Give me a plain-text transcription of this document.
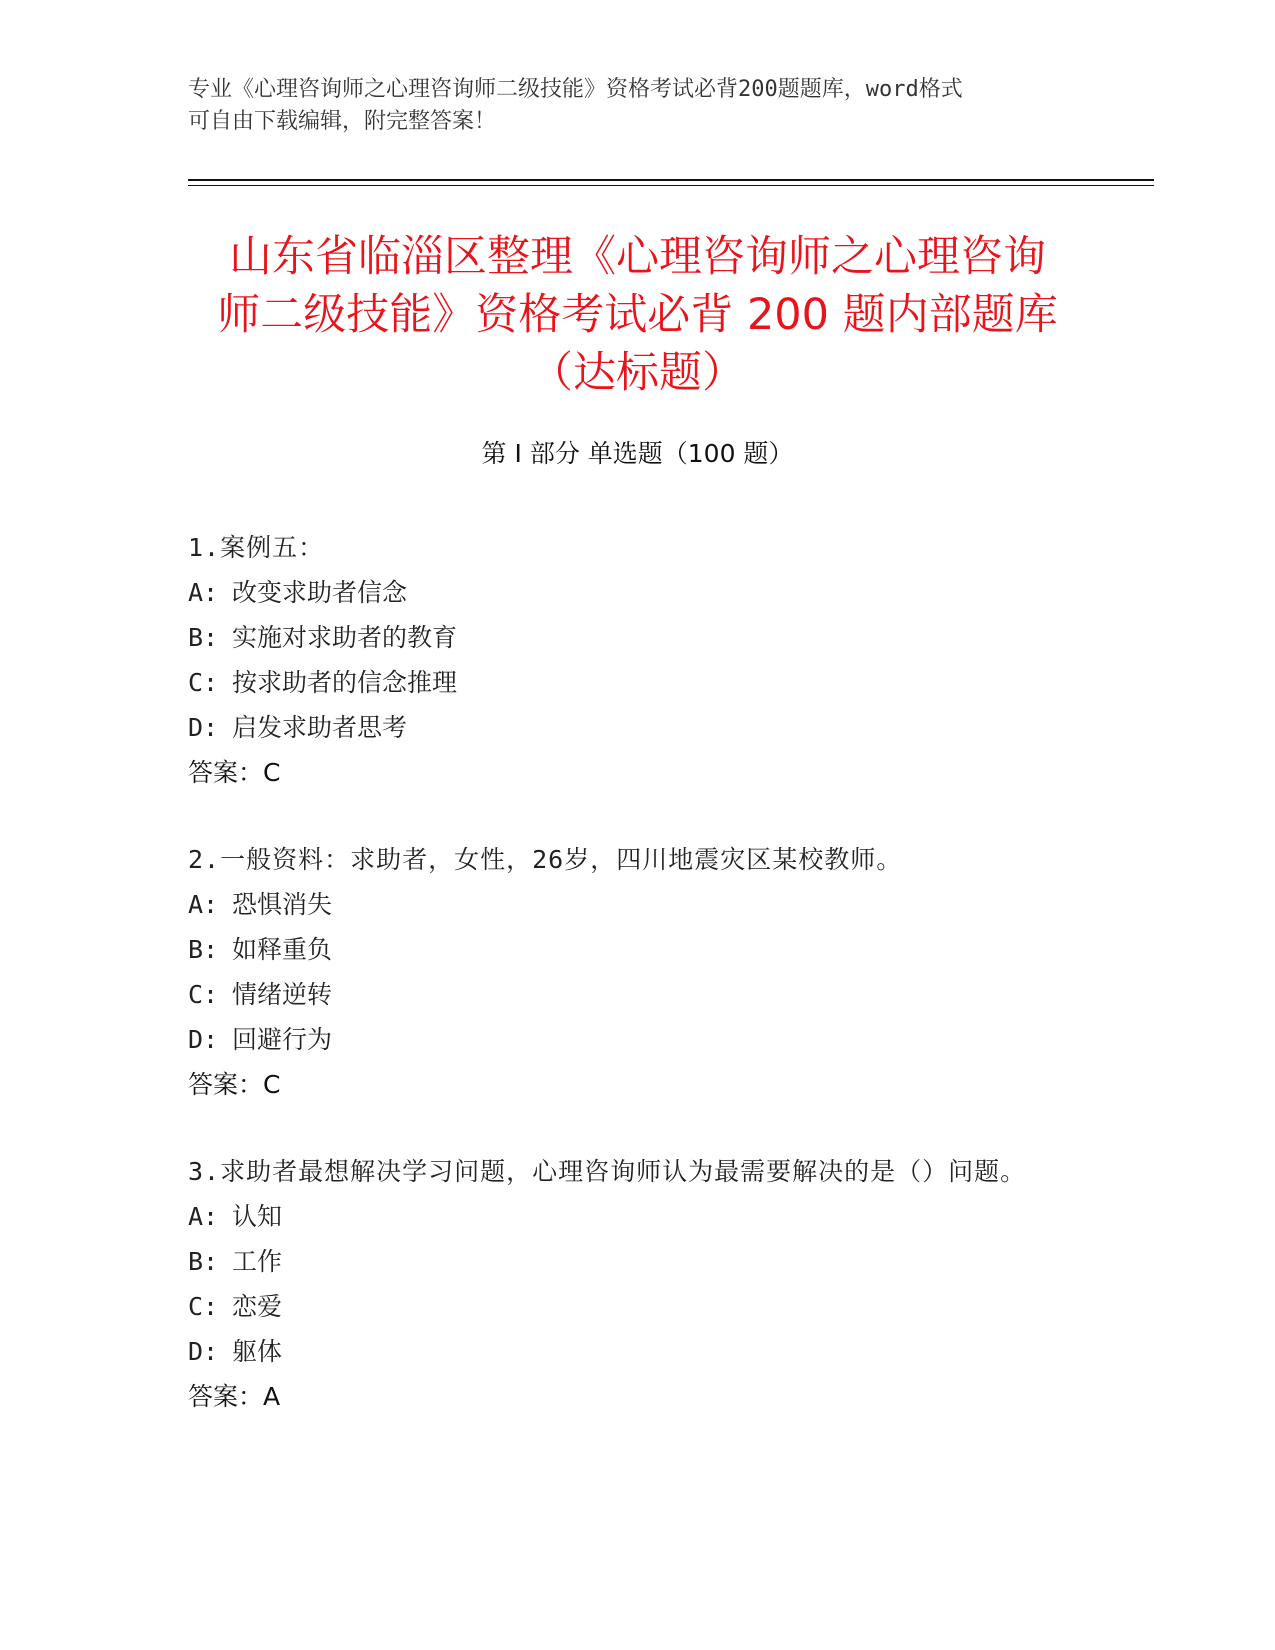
专业《心理咨询师之心理咨询师二级技能》资格考试必背200题题库，word格式
可自由下载编辑，附完整答案！
山东省临淄区整理《心理咨询师之心理咨询
师二级技能》资格考试必背 200 题内部题库
（达标题）
第 I 部分 单选题（100 题）
1.案例五：
A: 改变求助者信念
B: 实施对求助者的教育
C: 按求助者的信念推理
D: 启发求助者思考
答案：C
2.一般资料：求助者，女性，26岁，四川地震灾区某校教师。
A: 恐惧消失
B: 如释重负
C: 情绪逆转
D: 回避行为
答案：C
3.求助者最想解决学习问题，心理咨询师认为最需要解决的是（）问题。
A: 认知
B: 工作
C: 恋爱
D: 躯体
答案：A
